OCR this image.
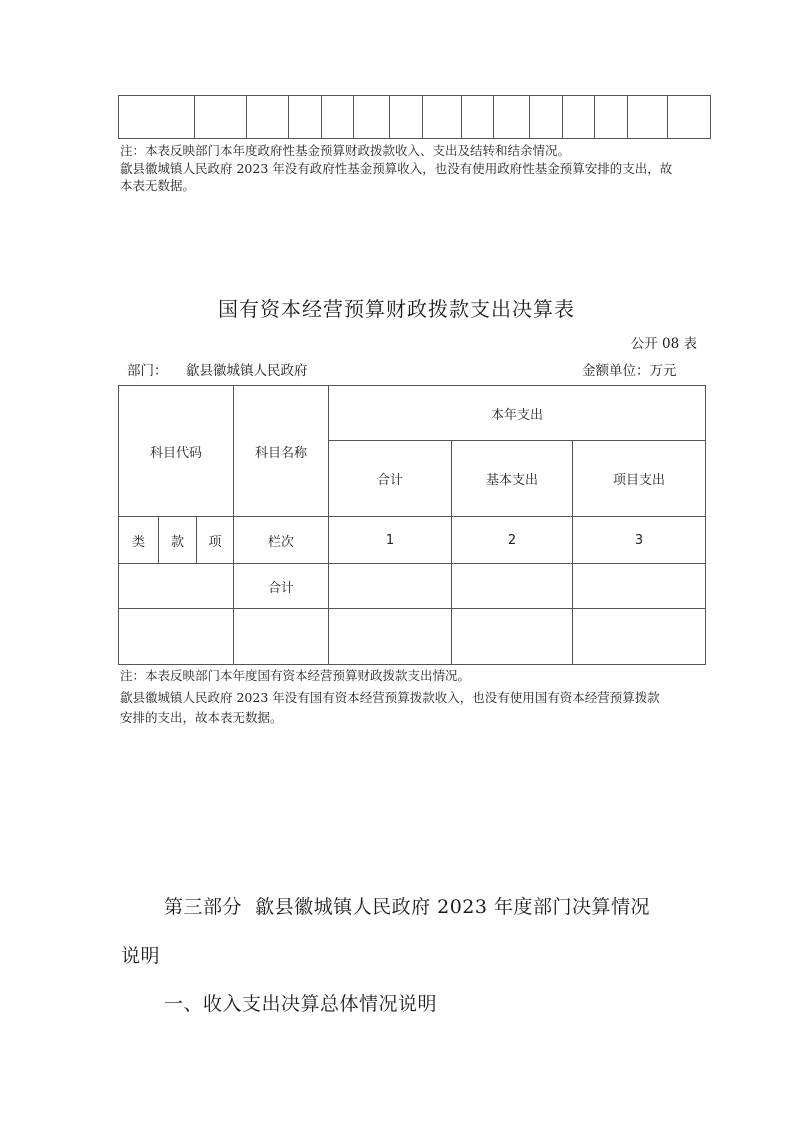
注：本表反映部门本年度政府性基金预算财政拨款收入、支出及结转和结余情况。
歙县徽城镇人民政府 2023 年没有政府性基金预算收入，也没有使用政府性基金预算安排的支出，故
本表无数据。
国有资本经营预算财政拨款支出决算表
公开 08 表
部门： 歙县徽城镇人民政府	金额单位：万元
科目代码			科目名称	本年支出		
				合计	基本支出	项目支出
类	款	项	栏次	1	2	3
			合计			

注：本表反映部门本年度国有资本经营预算财政拨款支出情况。
歙县徽城镇人民政府 2023 年没有国有资本经营预算拨款收入，也没有使用国有资本经营预算拨款
安排的支出，故本表无数据。
第三部分  歙县徽城镇人民政府 2023 年度部门决算情况
说明
一、收入支出决算总体情况说明
